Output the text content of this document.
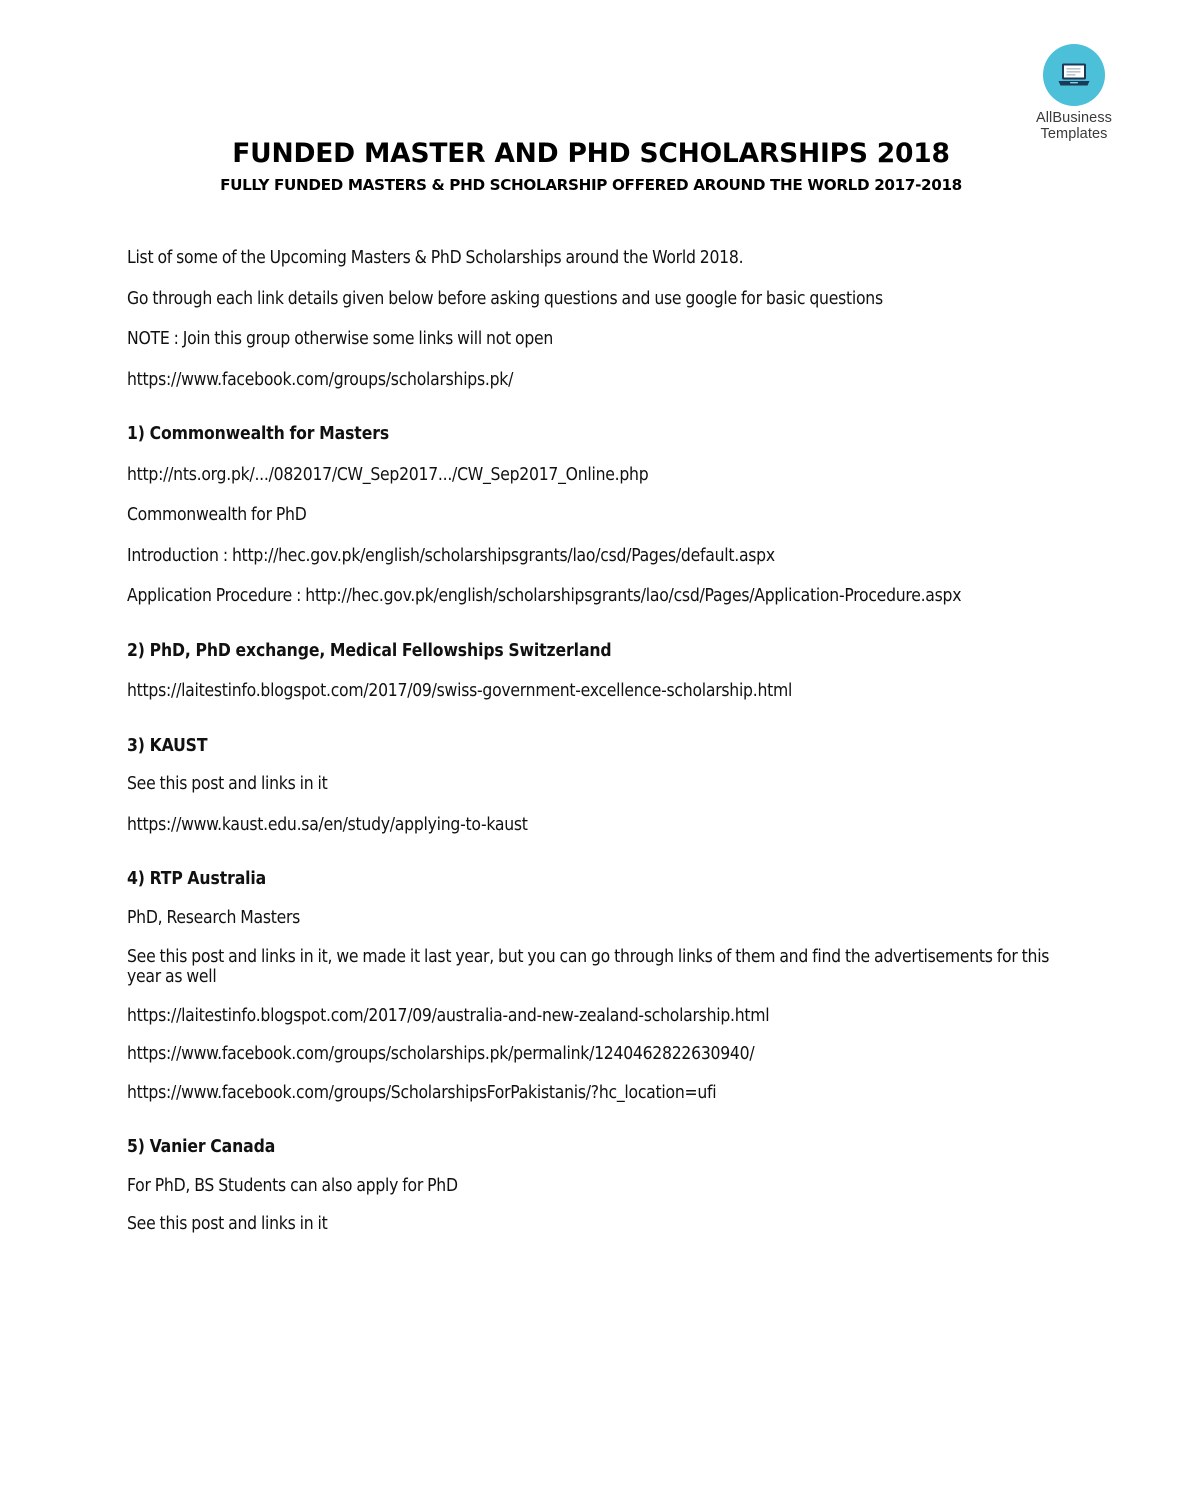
AllBusiness
Templates
FUNDED MASTER AND PHD SCHOLARSHIPS 2018
FULLY FUNDED MASTERS & PHD SCHOLARSHIP OFFERED AROUND THE WORLD 2017-2018

List of some of the Upcoming Masters & PhD Scholarships around the World 2018.

Go through each link details given below before asking questions and use google for basic questions

NOTE : Join this group otherwise some links will not open

https://www.facebook.com/groups/scholarships.pk/

1) Commonwealth for Masters

http://nts.org.pk/.../082017/CW_Sep2017.../CW_Sep2017_Online.php

Commonwealth for PhD

Introduction : http://hec.gov.pk/english/scholarshipsgrants/lao/csd/Pages/default.aspx

Application Procedure : http://hec.gov.pk/english/scholarshipsgrants/lao/csd/Pages/Application-Procedure.aspx

2) PhD, PhD exchange, Medical Fellowships Switzerland

https://laitestinfo.blogspot.com/2017/09/swiss-government-excellence-scholarship.html

3) KAUST

See this post and links in it

https://www.kaust.edu.sa/en/study/applying-to-kaust

4) RTP Australia

PhD, Research Masters

See this post and links in it, we made it last year, but you can go through links of them and find the advertisements for this year as well

https://laitestinfo.blogspot.com/2017/09/australia-and-new-zealand-scholarship.html

https://www.facebook.com/groups/scholarships.pk/permalink/1240462822630940/

https://www.facebook.com/groups/ScholarshipsForPakistanis/?hc_location=ufi

5) Vanier Canada

For PhD, BS Students can also apply for PhD

See this post and links in it
